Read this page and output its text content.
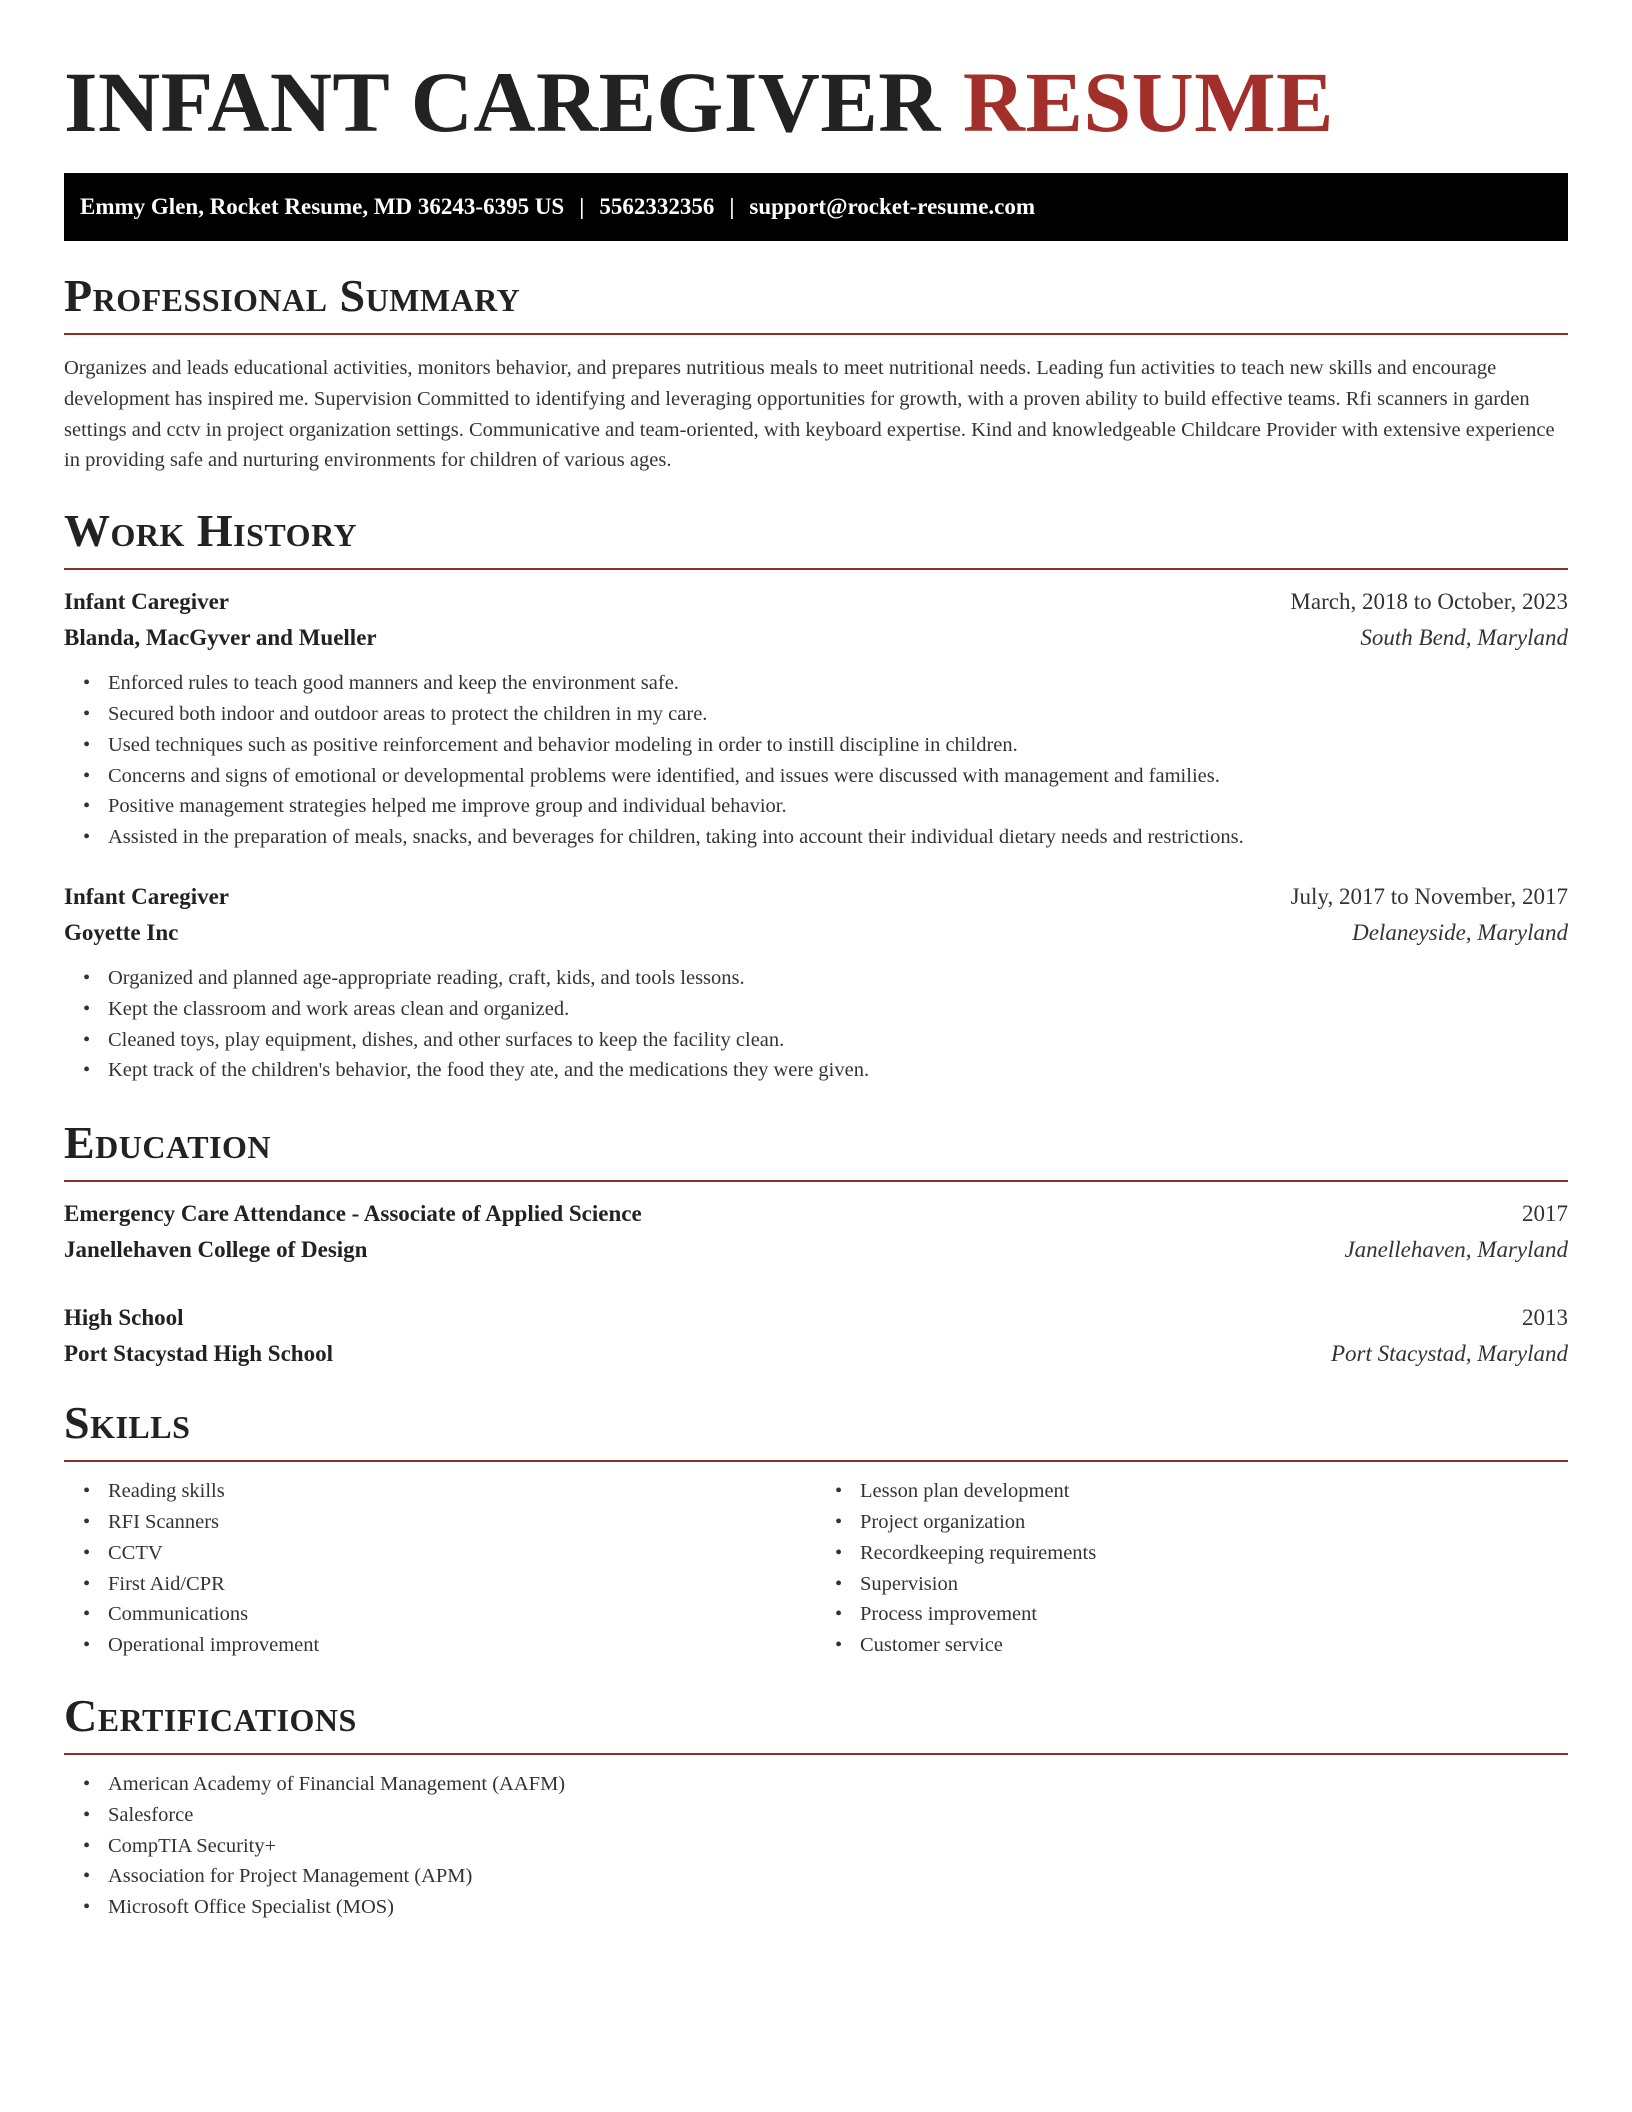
INFANT CAREGIVER RESUME
Emmy Glen, Rocket Resume, MD 36243-6395 US | 5562332356 | support@rocket-resume.com
Professional Summary

Organizes and leads educational activities, monitors behavior, and prepares nutritious meals to meet nutritional needs. Leading fun activities to teach new skills and encourage development has inspired me. Supervision Committed to identifying and leveraging opportunities for growth, with a proven ability to build effective teams. Rfi scanners in garden settings and cctv in project organization settings. Communicative and team-oriented, with keyboard expertise. Kind and knowledgeable Childcare Provider with extensive experience in providing safe and nurturing environments for children of various ages.

Work History
Infant Caregiver	March, 2018 to October, 2023
Blanda, MacGyver and Mueller	South Bend, Maryland
• Enforced rules to teach good manners and keep the environment safe.
• Secured both indoor and outdoor areas to protect the children in my care.
• Used techniques such as positive reinforcement and behavior modeling in order to instill discipline in children.
• Concerns and signs of emotional or developmental problems were identified, and issues were discussed with management and families.
• Positive management strategies helped me improve group and individual behavior.
• Assisted in the preparation of meals, snacks, and beverages for children, taking into account their individual dietary needs and restrictions.
Infant Caregiver	July, 2017 to November, 2017
Goyette Inc	Delaneyside, Maryland
• Organized and planned age-appropriate reading, craft, kids, and tools lessons.
• Kept the classroom and work areas clean and organized.
• Cleaned toys, play equipment, dishes, and other surfaces to keep the facility clean.
• Kept track of the children's behavior, the food they ate, and the medications they were given.
Education
Emergency Care Attendance - Associate of Applied Science	2017
Janellehaven College of Design	Janellehaven, Maryland
High School	2013
Port Stacystad High School	Port Stacystad, Maryland
Skills
• Reading skills
• RFI Scanners
• CCTV
• First Aid/CPR
• Communications
• Operational improvement
• Lesson plan development
• Project organization
• Recordkeeping requirements
• Supervision
• Process improvement
• Customer service
Certifications
• American Academy of Financial Management (AAFM)
• Salesforce
• CompTIA Security+
• Association for Project Management (APM)
• Microsoft Office Specialist (MOS)
